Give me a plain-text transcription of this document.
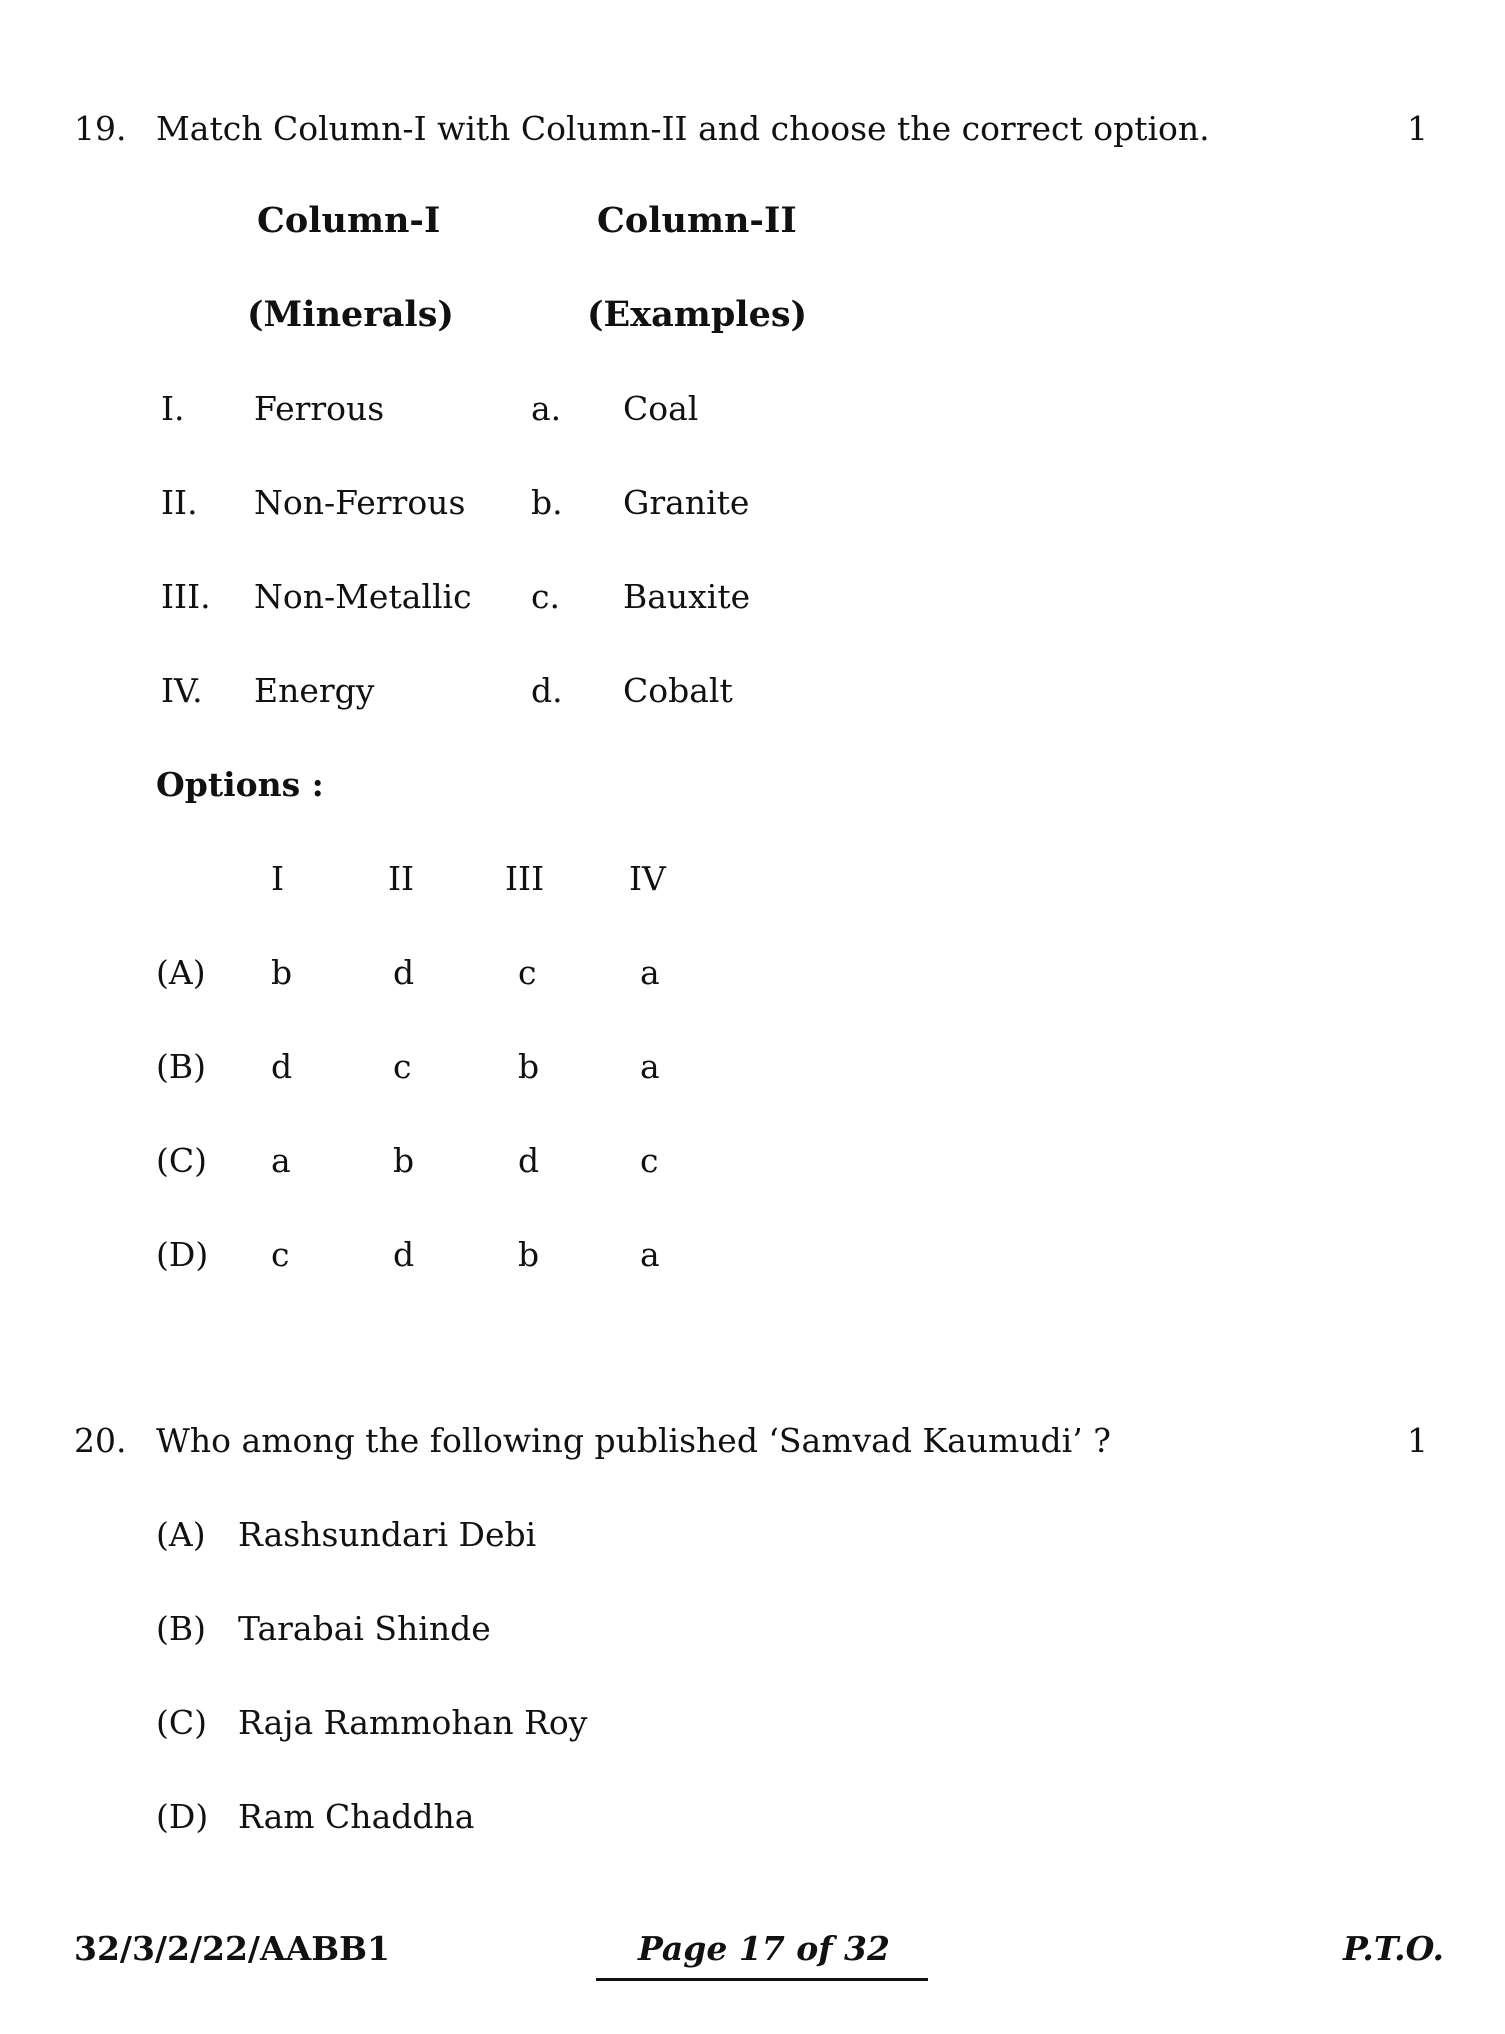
19. Match Column-I with Column-II and choose the correct option.	1
Column-I	Column-II
(Minerals)	(Examples)
I. Ferrous	a. Coal
II. Non-Ferrous b. Granite
III. Non-Metallic c. Bauxite
IV. Energy	d. Cobalt
Options :
I	II	III	IV
(A) b	d	c	a
(B) d	c	b	a
(C) a	b	d	c
(D) c	d	b	a
20. Who among the following published ‘Samvad Kaumudi’ ?	1
(A) Rashsundari Debi
(B) Tarabai Shinde
(C) Raja Rammohan Roy
(D) Ram Chaddha
32/3/2/22/AABB1	Page 17 of 32	P.T.O.
